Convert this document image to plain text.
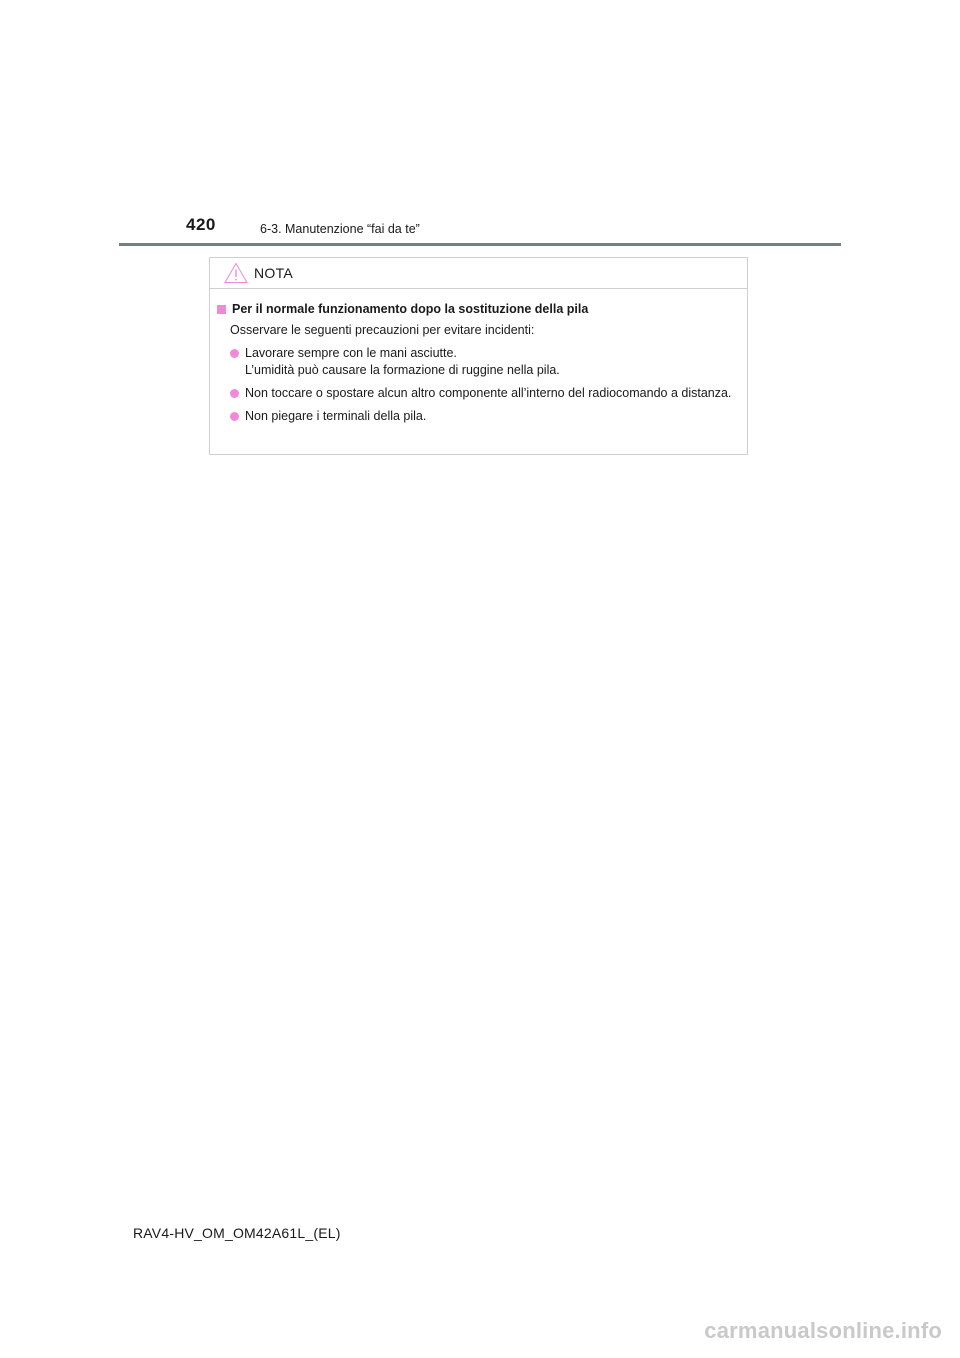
420	6-3. Manutenzione “fai da te”
NOTA
Per il normale funzionamento dopo la sostituzione della pila
Osservare le seguenti precauzioni per evitare incidenti:
Lavorare sempre con le mani asciutte.
L’umidità può causare la formazione di ruggine nella pila.
Non toccare o spostare alcun altro componente all’interno del radiocomando a distanza.
Non piegare i terminali della pila.
RAV4-HV_OM_OM42A61L_(EL)
carmanualsonline.info
